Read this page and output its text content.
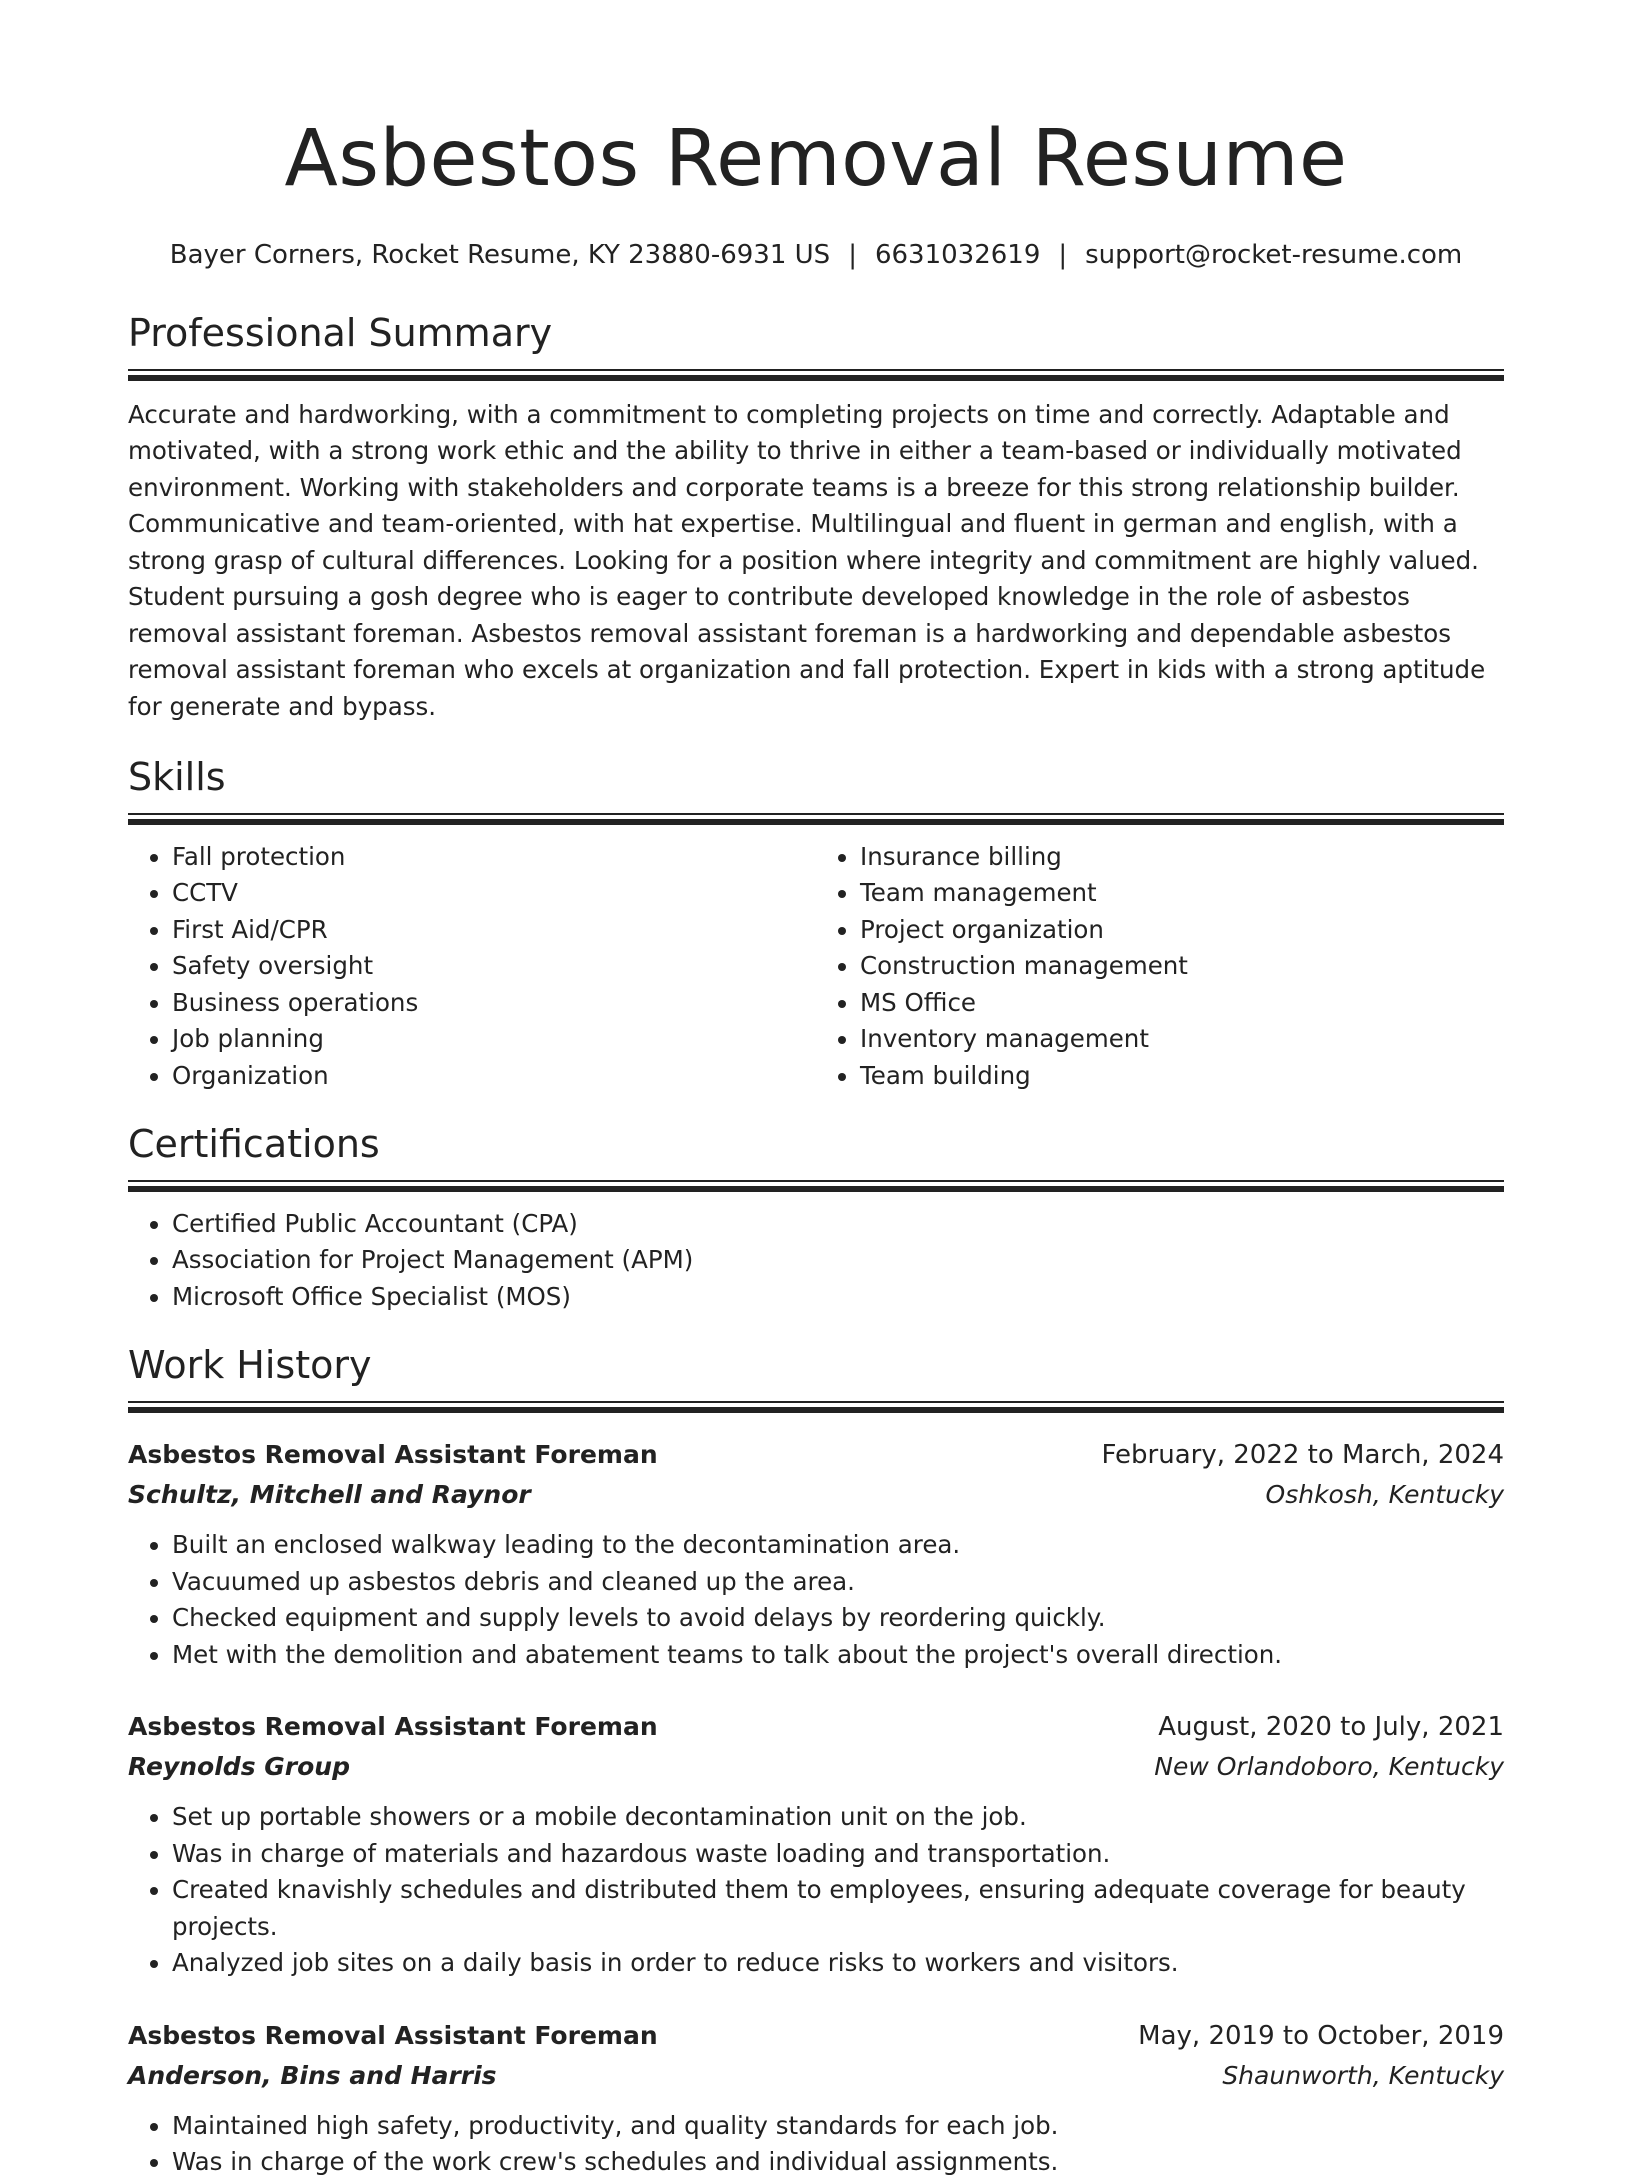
Asbestos Removal Resume
Bayer Corners, Rocket Resume, KY 23880-6931 US | 6631032619 | support@rocket-resume.com
Professional Summary

Accurate and hardworking, with a commitment to completing projects on time and correctly. Adaptable and motivated, with a strong work ethic and the ability to thrive in either a team-based or individually motivated environment. Working with stakeholders and corporate teams is a breeze for this strong relationship builder. Communicative and team-oriented, with hat expertise. Multilingual and fluent in german and english, with a strong grasp of cultural differences. Looking for a position where integrity and commitment are highly valued. Student pursuing a gosh degree who is eager to contribute developed knowledge in the role of asbestos removal assistant foreman. Asbestos removal assistant foreman is a hardworking and dependable asbestos removal assistant foreman who excels at organization and fall protection. Expert in kids with a strong aptitude for generate and bypass.

Skills
• Fall protection
• CCTV
• First Aid/CPR
• Safety oversight
• Business operations
• Job planning
• Organization
• Insurance billing
• Team management
• Project organization
• Construction management
• MS Office
• Inventory management
• Team building
Certifications
• Certified Public Accountant (CPA)
• Association for Project Management (APM)
• Microsoft Office Specialist (MOS)
Work History
Asbestos Removal Assistant Foreman	February, 2022 to March, 2024
Schultz, Mitchell and Raynor	Oshkosh, Kentucky
• Built an enclosed walkway leading to the decontamination area.
• Vacuumed up asbestos debris and cleaned up the area.
• Checked equipment and supply levels to avoid delays by reordering quickly.
• Met with the demolition and abatement teams to talk about the project's overall direction.
Asbestos Removal Assistant Foreman	August, 2020 to July, 2021
Reynolds Group	New Orlandoboro, Kentucky
• Set up portable showers or a mobile decontamination unit on the job.
• Was in charge of materials and hazardous waste loading and transportation.
• Created knavishly schedules and distributed them to employees, ensuring adequate coverage for beauty projects.
• Analyzed job sites on a daily basis in order to reduce risks to workers and visitors.
Asbestos Removal Assistant Foreman	May, 2019 to October, 2019
Anderson, Bins and Harris	Shaunworth, Kentucky
• Maintained high safety, productivity, and quality standards for each job.
• Was in charge of the work crew's schedules and individual assignments.
